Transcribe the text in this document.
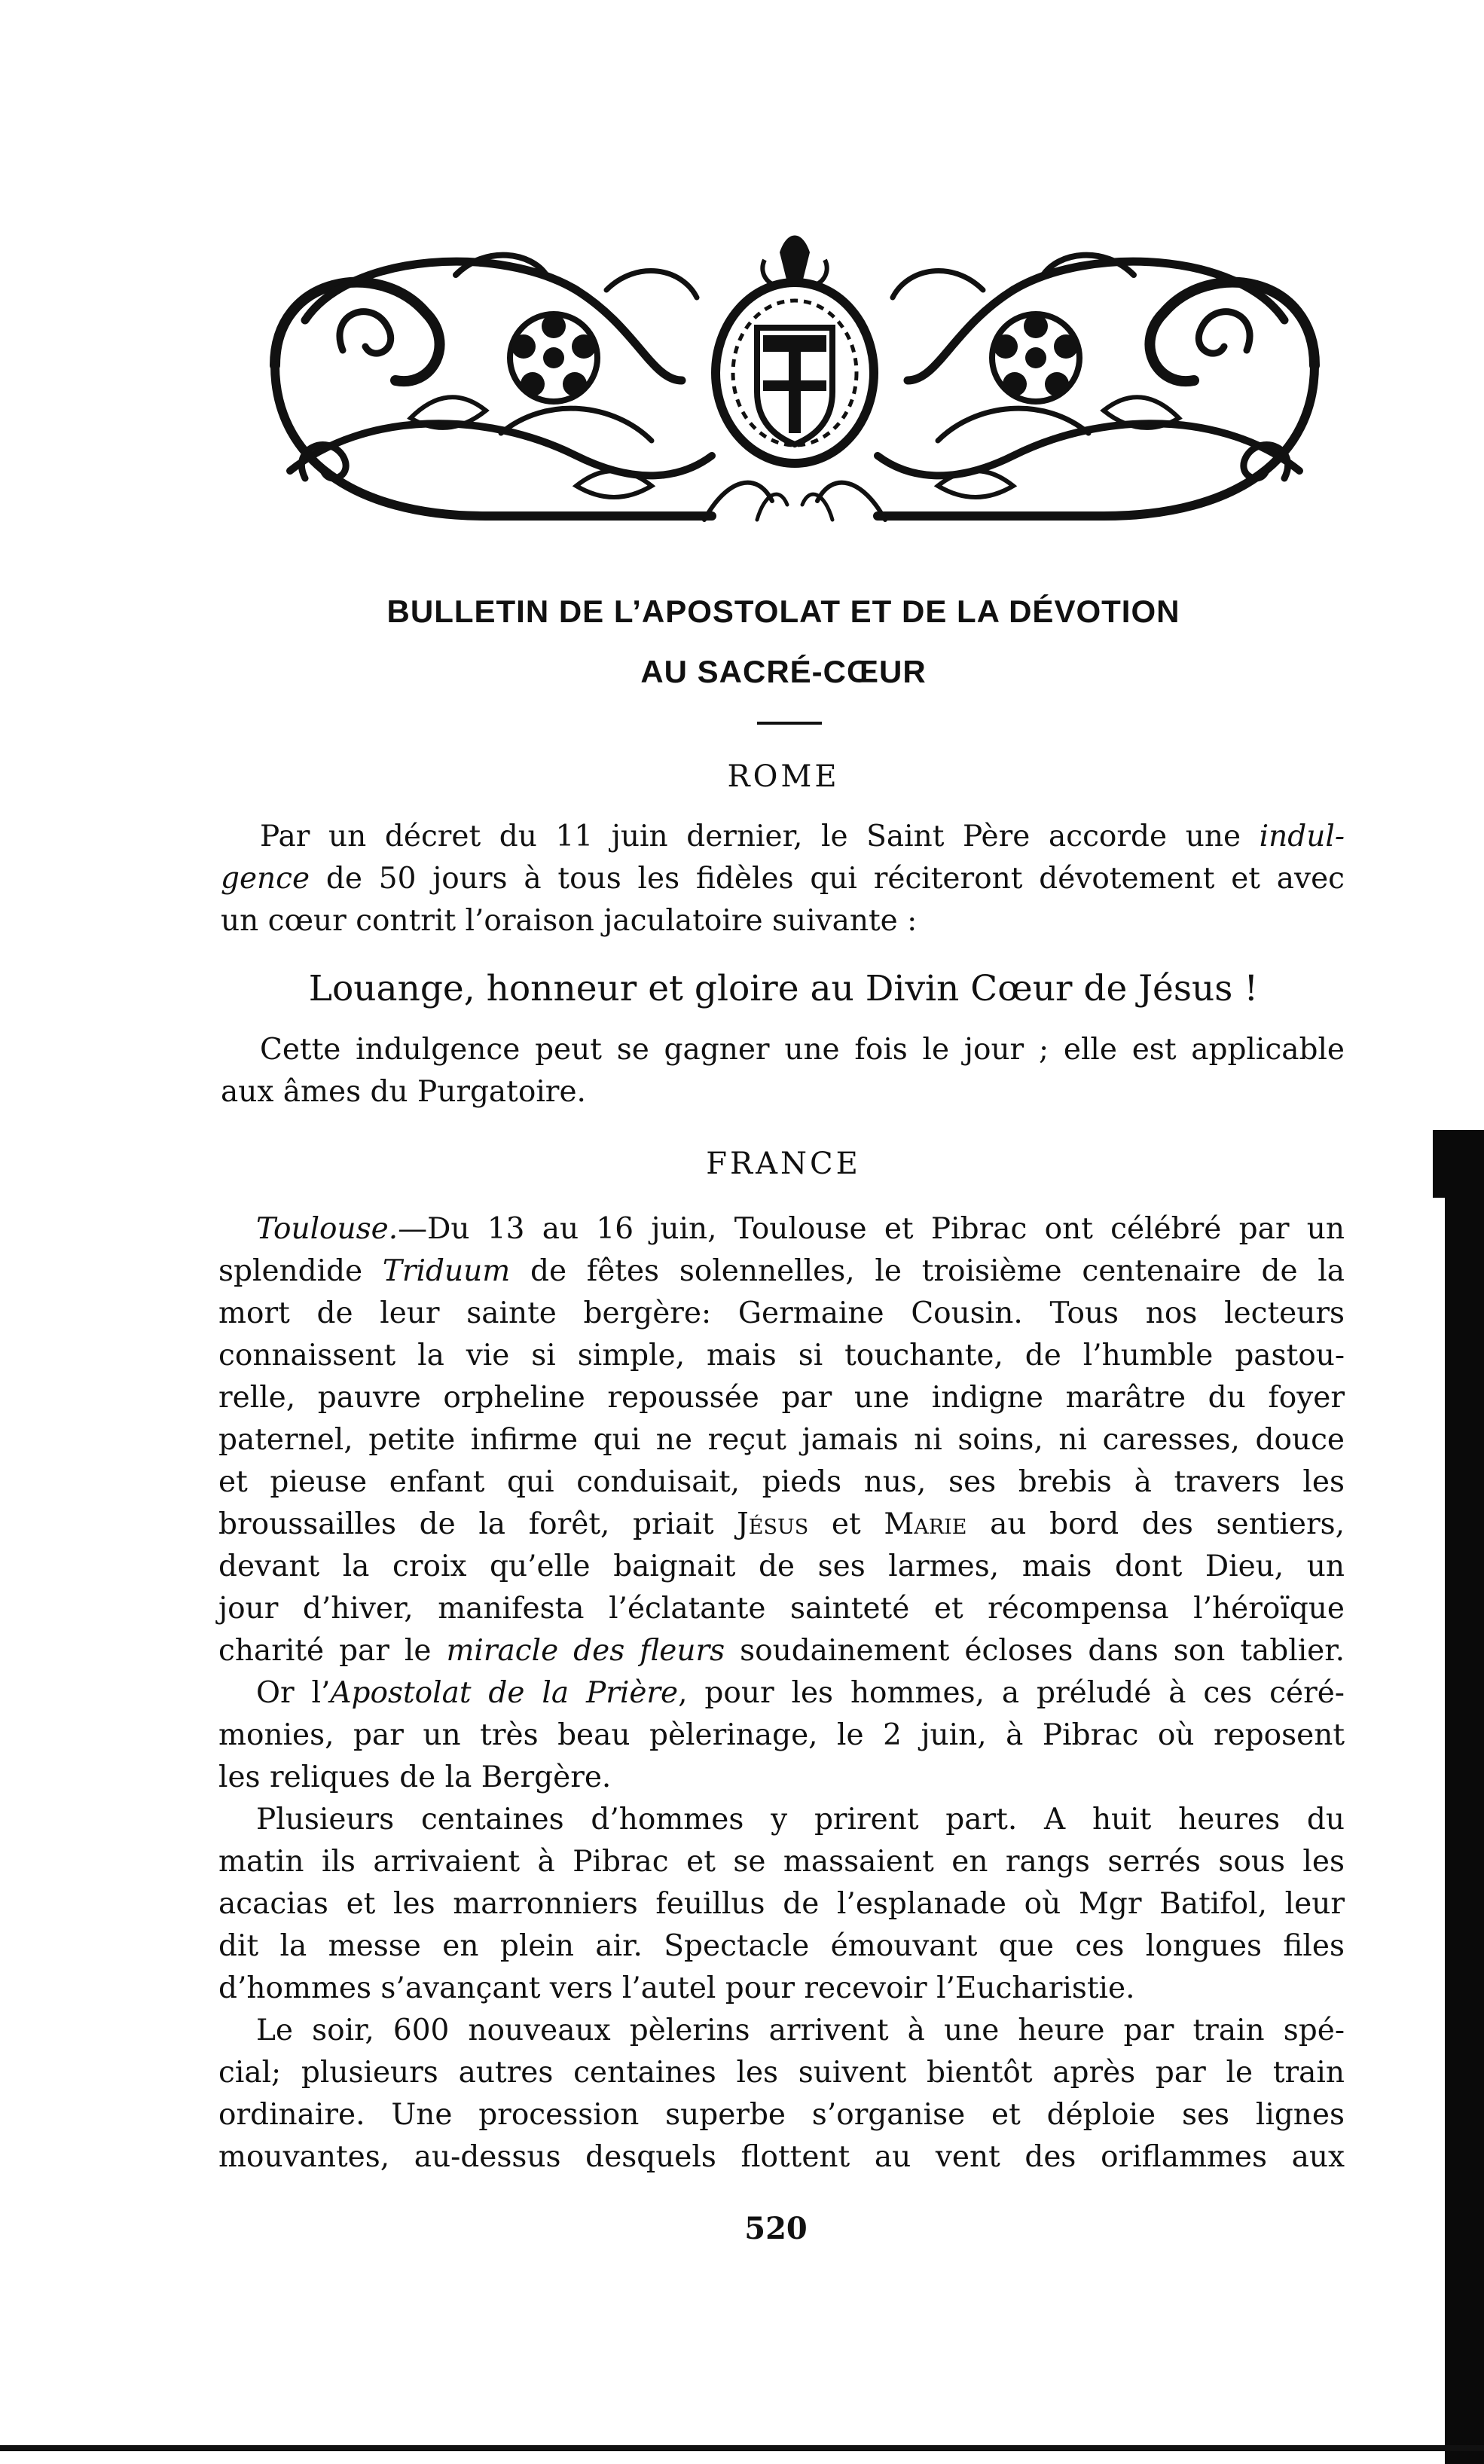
BULLETIN DE L’APOSTOLAT ET DE LA DÉVOTION
AU SACRÉ-CŒUR
ROME

Par un décret du 11 juin dernier, le Saint Père accorde une indul-

gence de 50 jours à tous les fidèles qui réciteront dévotement et avec

un cœur contrit l’oraison jaculatoire suivante :

Louange, honneur et gloire au Divin Cœur de Jésus !

Cette indulgence peut se gagner une fois le jour ; elle est applicable

aux âmes du Purgatoire.

FRANCE

Toulouse.—Du 13 au 16 juin, Toulouse et Pibrac ont célébré par un

splendide Triduum de fêtes solennelles, le troisième centenaire de la

mort de leur sainte bergère: Germaine Cousin. Tous nos lecteurs

connaissent la vie si simple, mais si touchante, de l’humble pastou-

relle, pauvre orpheline repoussée par une indigne marâtre du foyer

paternel, petite infirme qui ne reçut jamais ni soins, ni caresses, douce

et pieuse enfant qui conduisait, pieds nus, ses brebis à travers les

broussailles de la forêt, priait Jésus et Marie au bord des sentiers,

devant la croix qu’elle baignait de ses larmes, mais dont Dieu, un

jour d’hiver, manifesta l’éclatante sainteté et récompensa l’héroïque

charité par le miracle des fleurs soudainement écloses dans son tablier.

Or l’Apostolat de la Prière, pour les hommes, a préludé à ces céré-

monies, par un très beau pèlerinage, le 2 juin, à Pibrac où reposent

les reliques de la Bergère.

Plusieurs centaines d’hommes y prirent part. A huit heures du

matin ils arrivaient à Pibrac et se massaient en rangs serrés sous les

acacias et les marronniers feuillus de l’esplanade où Mgr Batifol, leur

dit la messe en plein air. Spectacle émouvant que ces longues files

d’hommes s’avançant vers l’autel pour recevoir l’Eucharistie.

Le soir, 600 nouveaux pèlerins arrivent à une heure par train spé-

cial; plusieurs autres centaines les suivent bientôt après par le train

ordinaire. Une procession superbe s’organise et déploie ses lignes

mouvantes, au-dessus desquels flottent au vent des oriflammes aux

520
